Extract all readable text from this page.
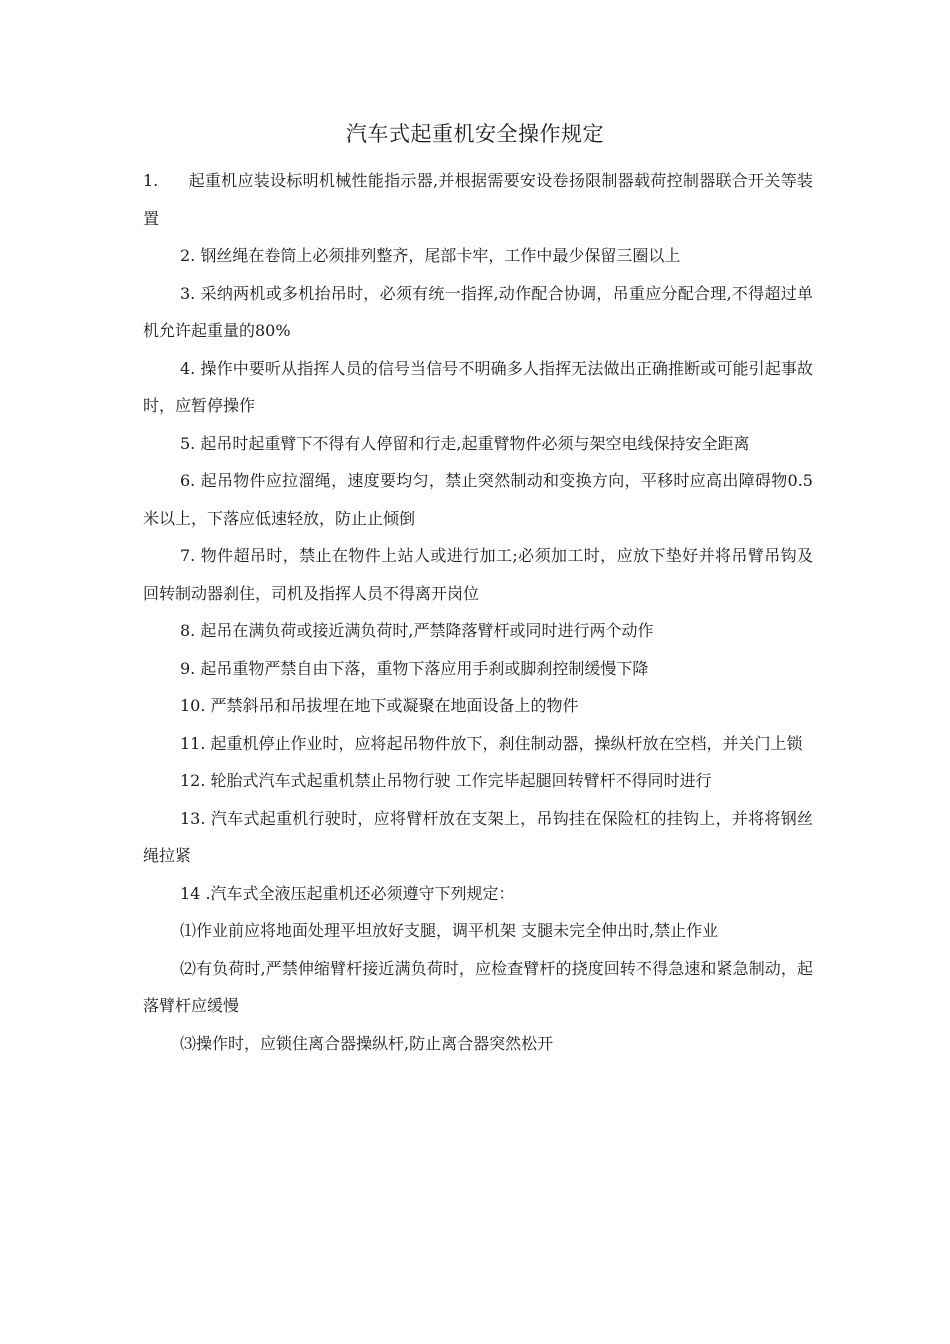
汽车式起重机安全操作规定

1. 起重机应装设标明机械性能指示器,并根据需要安设卷扬限制器载荷控制器联合开关等装置

2. 钢丝绳在卷筒上必须排列整齐，尾部卡牢，工作中最少保留三圈以上

3. 采纳两机或多机抬吊时，必须有统一指挥,动作配合协调，吊重应分配合理,不得超过单机允许起重量的80%

4. 操作中要听从指挥人员的信号当信号不明确多人指挥无法做出正确推断或可能引起事故时，应暂停操作

5. 起吊时起重臂下不得有人停留和行走,起重臂物件必须与架空电线保持安全距离

6. 起吊物件应拉溜绳，速度要均匀，禁止突然制动和变换方向，平移时应高出障碍物0.5米以上，下落应低速轻放，防止止倾倒

7. 物件超吊时，禁止在物件上站人或进行加工;必须加工时，应放下垫好并将吊臂吊钩及回转制动器刹住，司机及指挥人员不得离开岗位

8. 起吊在满负荷或接近满负荷时,严禁降落臂杆或同时进行两个动作

9. 起吊重物严禁自由下落，重物下落应用手刹或脚刹控制缓慢下降

10. 严禁斜吊和吊拔埋在地下或凝聚在地面设备上的物件

11. 起重机停止作业时，应将起吊物件放下，刹住制动器，操纵杆放在空档，并关门上锁

12. 轮胎式汽车式起重机禁止吊物行驶 工作完毕起腿回转臂杆不得同时进行

13. 汽车式起重机行驶时，应将臂杆放在支架上，吊钩挂在保险杠的挂钩上，并将将钢丝绳拉紧

14 .汽车式全液压起重机还必须遵守下列规定：

⑴作业前应将地面处理平坦放好支腿，调平机架 支腿未完全伸出时,禁止作业

⑵有负荷时,严禁伸缩臂杆接近满负荷时，应检查臂杆的挠度回转不得急速和紧急制动，起落臂杆应缓慢

⑶操作时，应锁住离合器操纵杆,防止离合器突然松开
